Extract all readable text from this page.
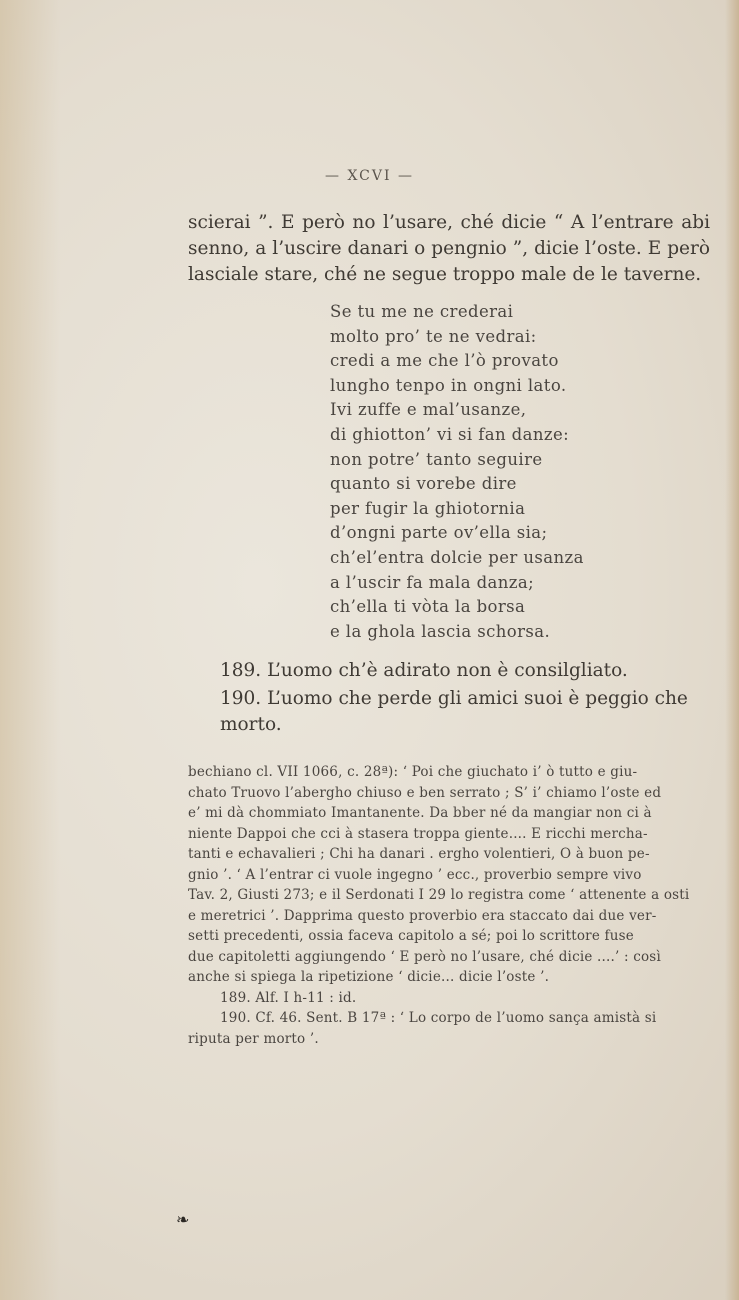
— XCVI —
scierai ”. E però no l’usare, ché dicie “ A l’entrare abi senno, a l’uscire danari o pengnio ”, dicie l’oste. E però lasciale stare, ché ne segue troppo male de le taverne.
Se tu me ne crederai
molto pro’ te ne vedrai:
credi a me che l’ò provato
lungho tenpo in ongni lato.
Ivi zuffe e mal’usanze,
di ghiotton’ vi si fan danze:
non potre’ tanto seguire
quanto si vorebe dire
per fugir la ghiotornia
d’ongni parte ov’ella sia;
ch’el’entra dolcie per usanza
a l’uscir fa mala danza;
ch’ella ti vòta la borsa
e la ghola lascia schorsa.
189. L’uomo ch’è adirato non è consilgliato.
190. L’uomo che perde gli amici suoi è peggio che morto.
bechiano cl. VII 1066, c. 28ª): ‘ Poi che giuchato i’ ò tutto e giu-
chato Truovo l’abergho chiuso e ben serrato ; S’ i’ chiamo l’oste ed
e’ mi dà chommiato Imantanente. Da bber né da mangiar non ci à
niente Dappoi che cci à stasera troppa giente.... E ricchi mercha-
tanti e echavalieri ; Chi ha danari . ergho volentieri, O à buon pe-
gnio ’. ‘ A l’entrar ci vuole ingegno ’ ecc., proverbio sempre vivo
Tav. 2, Giusti 273; e il Serdonati I 29 lo registra come ‘ attenente a osti
e meretrici ’. Dapprima questo proverbio era staccato dai due ver-
setti precedenti, ossia faceva capitolo a sé; poi lo scrittore fuse
due capitoletti aggiungendo ‘ E però no l’usare, ché dicie ....’ : così
anche si spiega la ripetizione ‘ dicie... dicie l’oste ’.
189. Alf. I h-11 : id.
190. Cf. 46. Sent. B 17ª : ‘ Lo corpo de l’uomo sança amistà si
riputa per morto ’.
❧
